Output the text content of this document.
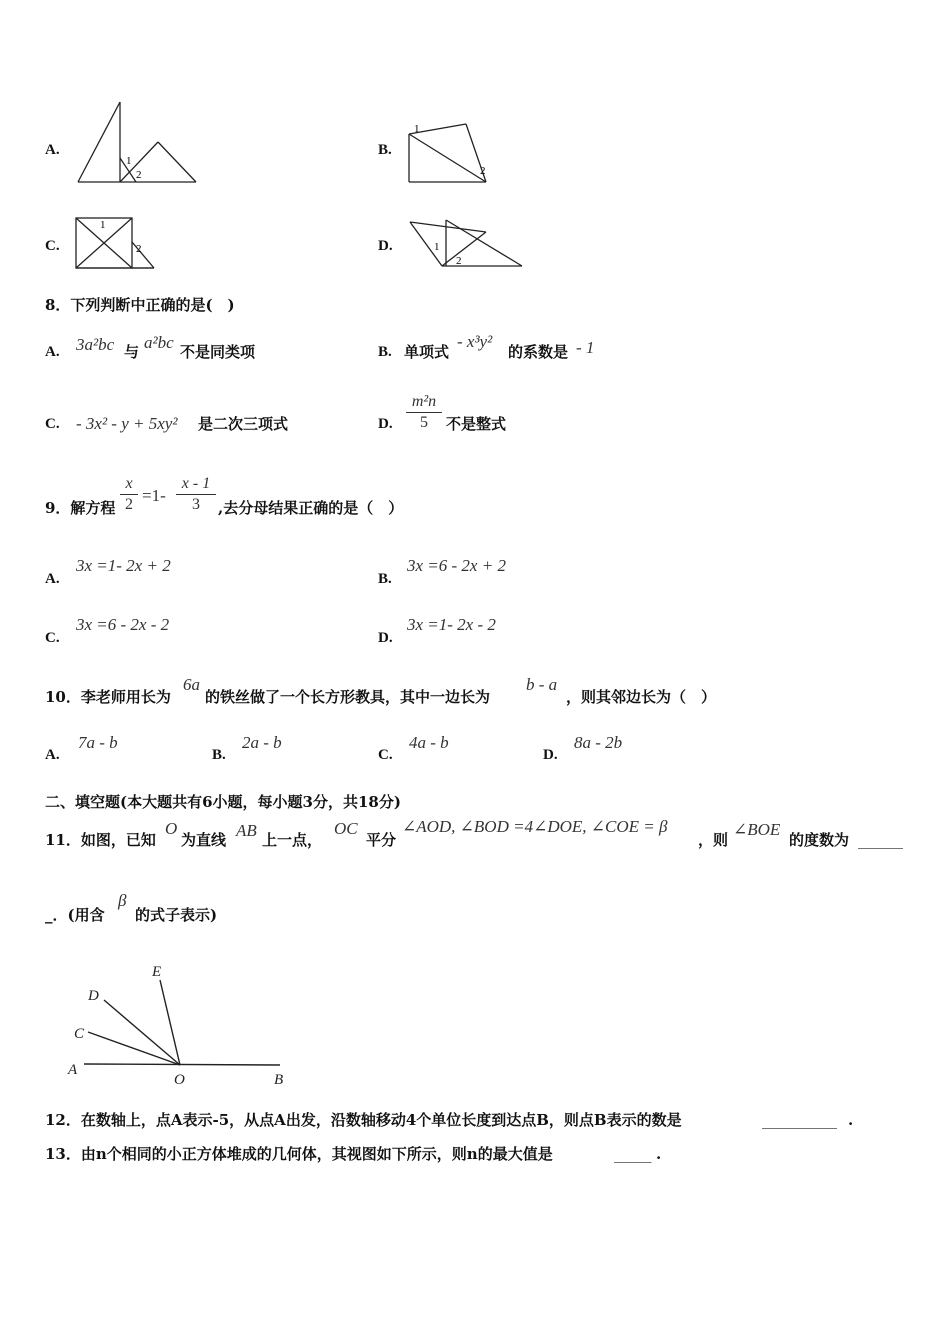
A.
1
2
B.
1
2
C.
1
2	D.	1
2
8．下列判断中正确的是(　)
A. 3a²bc 与 a²bc 不是同类项	B. 单项式
- x³y²
的系数是 - 1
C. - 3x² - y + 5xy² 是二次三项式	D. $\frac{\text{m²n}}{5}$ 不是整式
9．解方程 $\frac{x}{2} =1- \frac{x - 1}{3}$ ,去分母结果正确的是（　）
A.
3x =1- 2x + 2
B.
3x =6 - 2x + 2
C.
3x =6 - 2x - 2
D.
3x =1- 2x - 2
10．李老师用长为
6a
的铁丝做了一个长方形教具，其中一边长为
b - a
，则其邻边长为（　）
A.
7a - b
B.
2a - b
C.
4a - b
D.
8a - 2b
二、填空题(本大题共有6小题，每小题3分，共18分)
11．如图，已知
O
为直线 AB 上一点，
OC
平分
∠AOD, ∠BOD =4∠DOE, ∠COE = β
，则
∠BOE
的度数为 ______
_．(用含
β
的式子表示)
E
D
C
A
O	B
12．在数轴上，点A表示-5，从点A出发，沿数轴移动4个单位长度到达点B，则点B表示的数是	__________ .
13．由n个相同的小正方体堆成的几何体，其视图如下所示，则n的最大值是	_____ .
